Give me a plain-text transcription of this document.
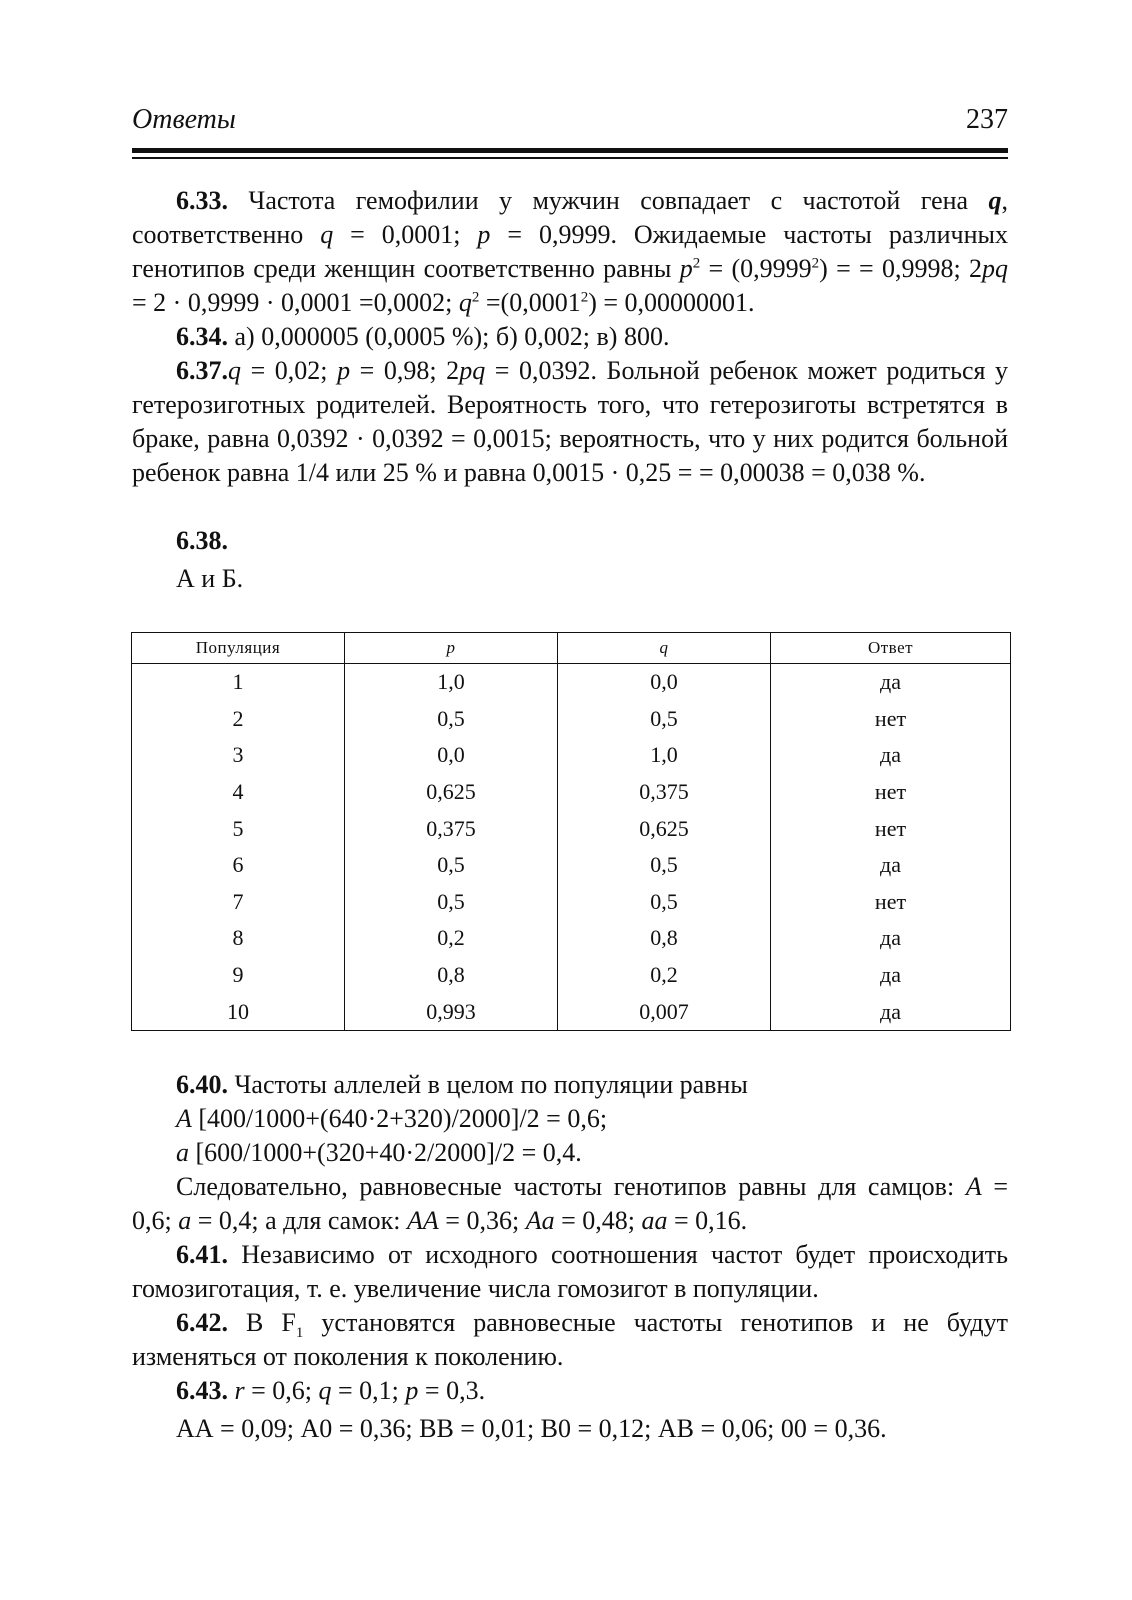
Ответы	237
6.33. Частота гемофилии у мужчин совпадает с частотой гена q, соответственно q = 0,0001; p = 0,9999. Ожидаемые частоты различных генотипов среди женщин соответственно равны $p^2 = (0,9999^2)$ = = 0,9998; 2pq = 2 · 0,9999 · 0,0001 =0,0002; $q^2 =(0,0001^2) = 0,00000001$.
6.34. а) 0,000005 (0,0005 %); б) 0,002; в) 800.
6.37.q = 0,02; p = 0,98; 2pq = 0,0392. Больной ребенок может родиться у гетерозиготных родителей. Вероятность того, что гетерозиготы встретятся в браке, равна 0,0392 · 0,0392 = 0,0015; вероятность, что у них родится больной ребенок равна 1/4 или 25 % и равна 0,0015 · 0,25 = = 0,00038 = 0,038 %.
6.38.
А и Б.
Популяция	p	q	Ответ
1	1,0	0,0	да
2	0,5	0,5	нет
3	0,0	1,0	да
4	0,625	0,375	нет
5	0,375	0,625	нет
6	0,5	0,5	да
7	0,5	0,5	нет
8	0,2	0,8	да
9	0,8	0,2	да
10	0,993	0,007	да
6.40. Частоты аллелей в целом по популяции равны
A [400/1000+(640·2+320)/2000]/2 = 0,6;
a [600/1000+(320+40·2/2000]/2 = 0,4.
Следовательно, равновесные частоты генотипов равны для самцов: A = 0,6; a = 0,4; а для самок: AA = 0,36; Aa = 0,48; aa = 0,16.
6.41. Независимо от исходного соотношения частот будет происходить гомозиготация, т. е. увеличение числа гомозигот в популяции.
6.42. В $F_1$ установятся равновесные частоты генотипов и не будут изменяться от поколения к поколению.
6.43. r = 0,6; q = 0,1; p = 0,3.
АА = 0,09; А0 = 0,36; ВВ = 0,01; В0 = 0,12; АВ = 0,06; 00 = 0,36.
